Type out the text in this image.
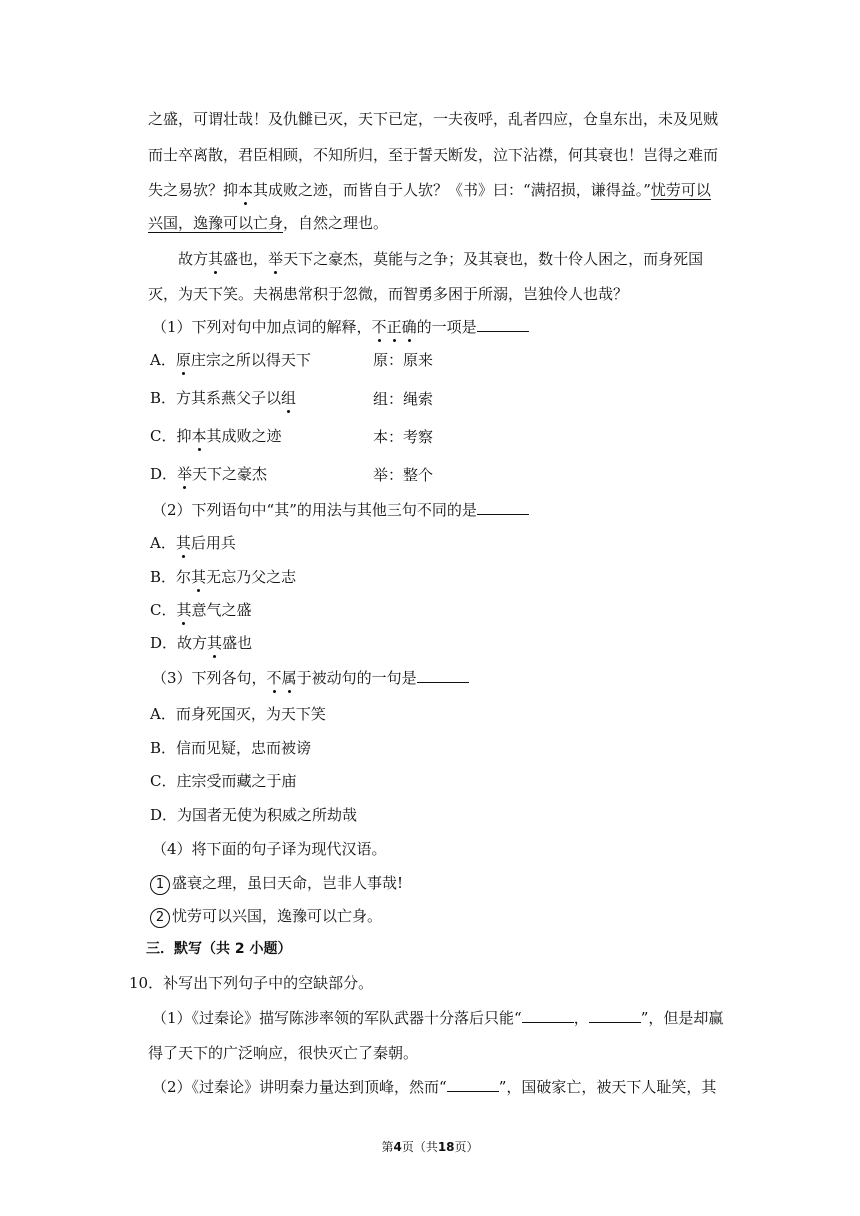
之盛，可谓壮哉！及仇雠已灭，天下已定，一夫夜呼，乱者四应，仓皇东出，未及见贼
而士卒离散，君臣相顾，不知所归，至于誓天断发，泣下沾襟，何其衰也！岂得之难而
失之易欤？抑本其成败之迹，而皆自于人欤？《书》曰：“满招损，谦得益。”忧劳可以
兴国，逸豫可以亡身，自然之理也。
故方其盛也，举天下之豪杰，莫能与之争；及其衰也，数十伶人困之，而身死国
灭，为天下笑。夫祸患常积于忽微，而智勇多困于所溺，岂独伶人也哉？
（1）下列对句中加点词的解释，不正确的一项是
A．原庄宗之所以得天下	原：原来
B．方其系燕父子以组	组：绳索
C．抑本其成败之迹	本：考察
D．举天下之豪杰	举：整个
（2）下列语句中“其”的用法与其他三句不同的是
A．其后用兵
B．尔其无忘乃父之志
C．其意气之盛
D．故方其盛也
（3）下列各句，不属于被动句的一句是
A．而身死国灭，为天下笑
B．信而见疑，忠而被谤
C．庄宗受而藏之于庙
D．为国者无使为积威之所劫哉
（4）将下面的句子译为现代汉语。
1 盛衰之理，虽曰天命，岂非人事哉!
2 忧劳可以兴国，逸豫可以亡身。
三．默写（共 2 小题）
10．补写出下列句子中的空缺部分。
（1）《过秦论》描写陈涉率领的军队武器十分落后只能“	，	”，但是却赢
得了天下的广泛响应，很快灭亡了秦朝。
（2）《过秦论》讲明秦力量达到顶峰，然而“	”，国破家亡，被天下人耻笑，其
第4页（共18页）
